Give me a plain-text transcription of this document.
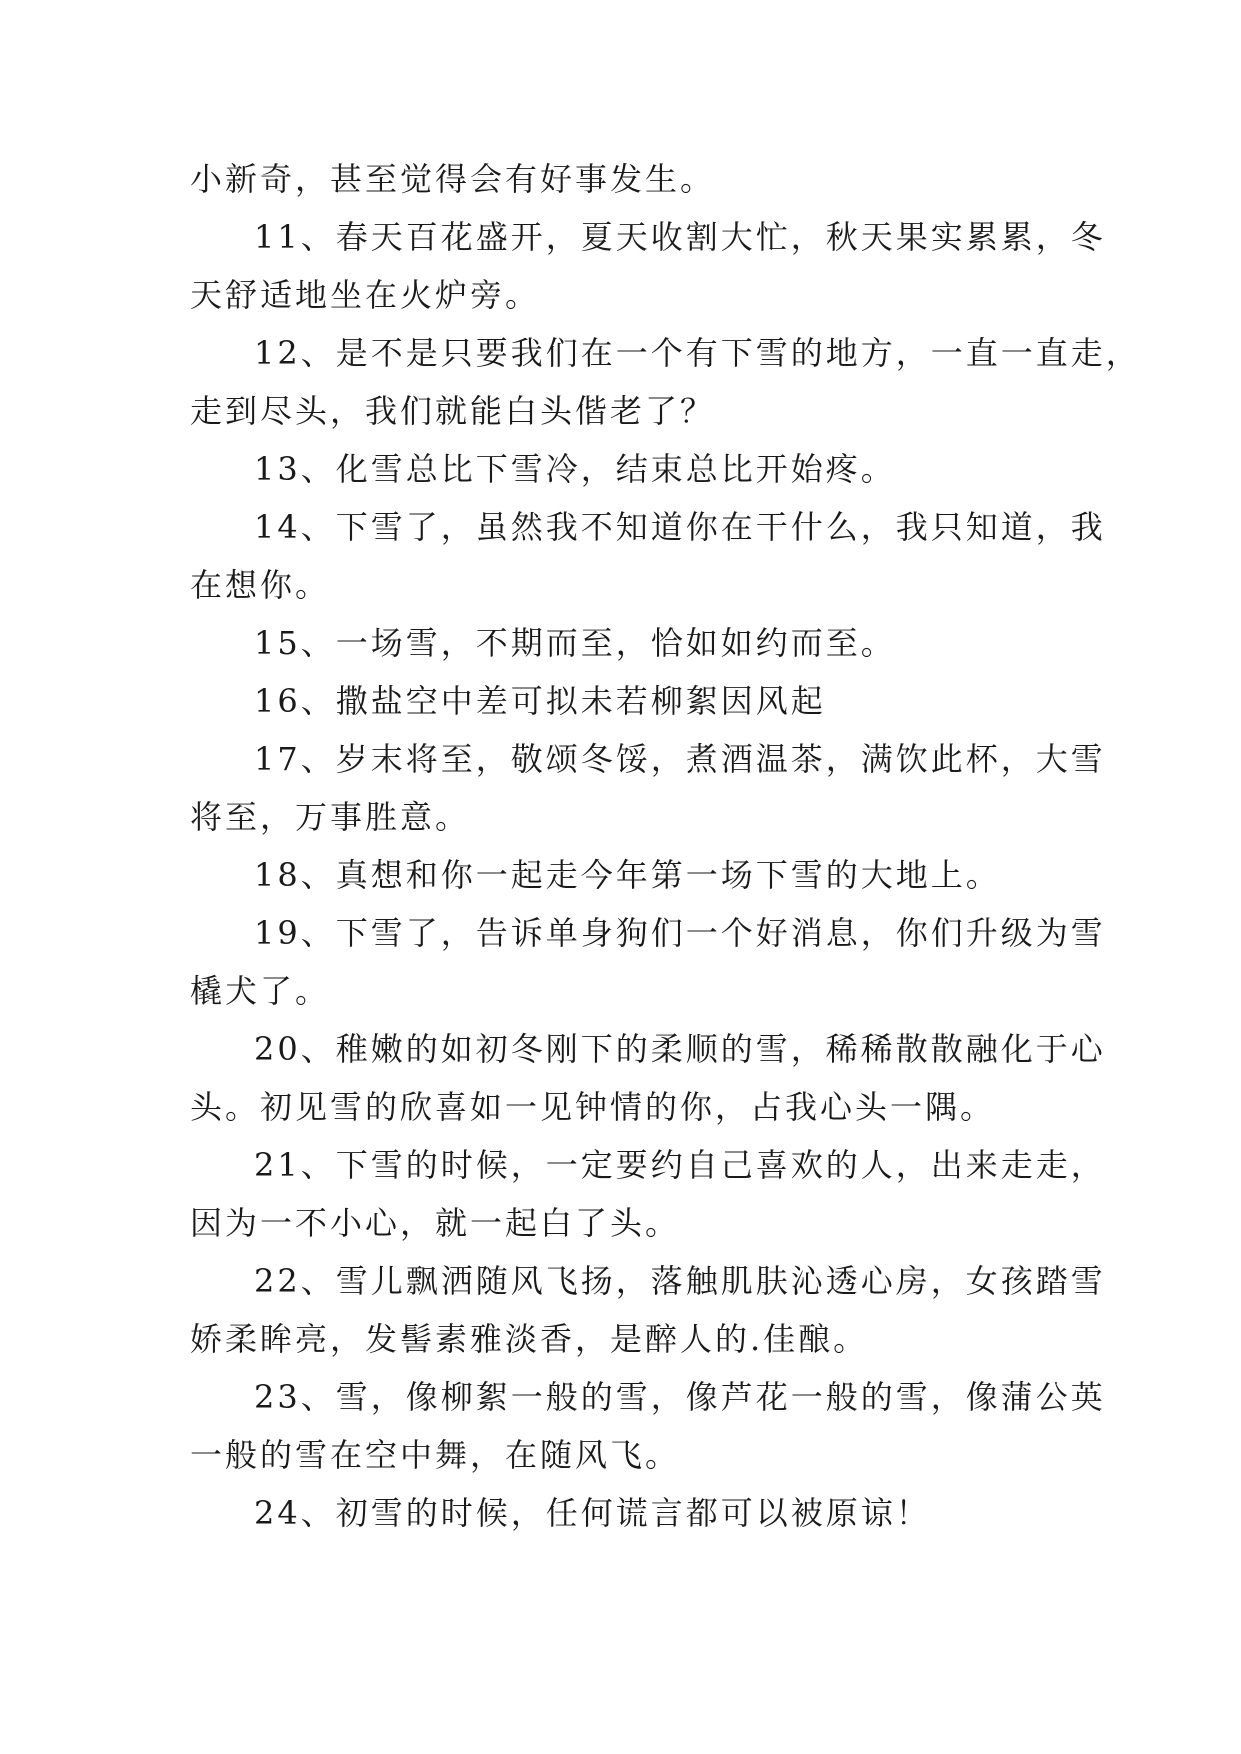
小新奇，甚至觉得会有好事发生。
11、春天百花盛开，夏天收割大忙，秋天果实累累，冬
天舒适地坐在火炉旁。
12、是不是只要我们在一个有下雪的地方，一直一直走，
走到尽头，我们就能白头偕老了？
13、化雪总比下雪冷，结束总比开始疼。
14、下雪了，虽然我不知道你在干什么，我只知道，我
在想你。
15、一场雪，不期而至，恰如如约而至。
16、撒盐空中差可拟未若柳絮因风起
17、岁末将至，敬颂冬馁，煮酒温茶，满饮此杯，大雪
将至，万事胜意。
18、真想和你一起走今年第一场下雪的大地上。
19、下雪了，告诉单身狗们一个好消息，你们升级为雪
橇犬了。
20、稚嫩的如初冬刚下的柔顺的雪，稀稀散散融化于心
头。初见雪的欣喜如一见钟情的你，占我心头一隅。
21、下雪的时候，一定要约自己喜欢的人，出来走走，
因为一不小心，就一起白了头。
22、雪儿飘洒随风飞扬，落触肌肤沁透心房，女孩踏雪
娇柔眸亮，发髻素雅淡香，是醉人的.佳酿。
23、雪，像柳絮一般的雪，像芦花一般的雪，像蒲公英
一般的雪在空中舞，在随风飞。
24、初雪的时候，任何谎言都可以被原谅！
